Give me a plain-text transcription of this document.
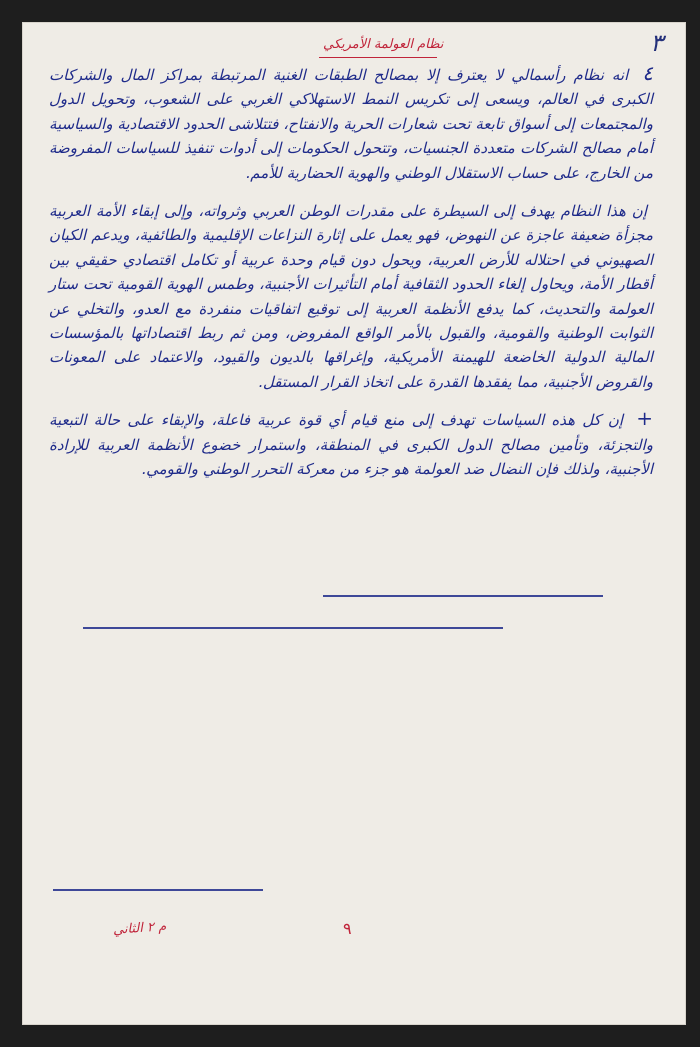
٣
نظام العولمة الأمريكي

٤ انه نظام رأسمالي لا يعترف إلا بمصالح الطبقات الغنية المرتبطة بمراكز المال والشركات الكبرى في العالم، ويسعى إلى تكريس النمط الاستهلاكي الغربي على الشعوب، وتحويل الدول والمجتمعات إلى أسواق تابعة تحت شعارات الحرية والانفتاح، فتتلاشى الحدود الاقتصادية والسياسية أمام مصالح الشركات متعددة الجنسيات، وتتحول الحكومات إلى أدوات تنفيذ للسياسات المفروضة من الخارج، على حساب الاستقلال الوطني والهوية الحضارية للأمم.

إن هذا النظام يهدف إلى السيطرة على مقدرات الوطن العربي وثرواته، وإلى إبقاء الأمة العربية مجزأة ضعيفة عاجزة عن النهوض، فهو يعمل على إثارة النزاعات الإقليمية والطائفية، ويدعم الكيان الصهيوني في احتلاله للأرض العربية، ويحول دون قيام وحدة عربية أو تكامل اقتصادي حقيقي بين أقطار الأمة، ويحاول إلغاء الحدود الثقافية أمام التأثيرات الأجنبية، وطمس الهوية القومية تحت ستار العولمة والتحديث، كما يدفع الأنظمة العربية إلى توقيع اتفاقيات منفردة مع العدو، والتخلي عن الثوابت الوطنية والقومية، والقبول بالأمر الواقع المفروض، ومن ثم ربط اقتصاداتها بالمؤسسات المالية الدولية الخاضعة للهيمنة الأمريكية، وإغراقها بالديون والقيود، والاعتماد على المعونات والقروض الأجنبية، مما يفقدها القدرة على اتخاذ القرار المستقل.

+ إن كل هذه السياسات تهدف إلى منع قيام أي قوة عربية فاعلة، والإبقاء على حالة التبعية والتجزئة، وتأمين مصالح الدول الكبرى في المنطقة، واستمرار خضوع الأنظمة العربية للإرادة الأجنبية، ولذلك فإن النضال ضد العولمة هو جزء من معركة التحرر الوطني والقومي.

م ٢ الثاني	٩
